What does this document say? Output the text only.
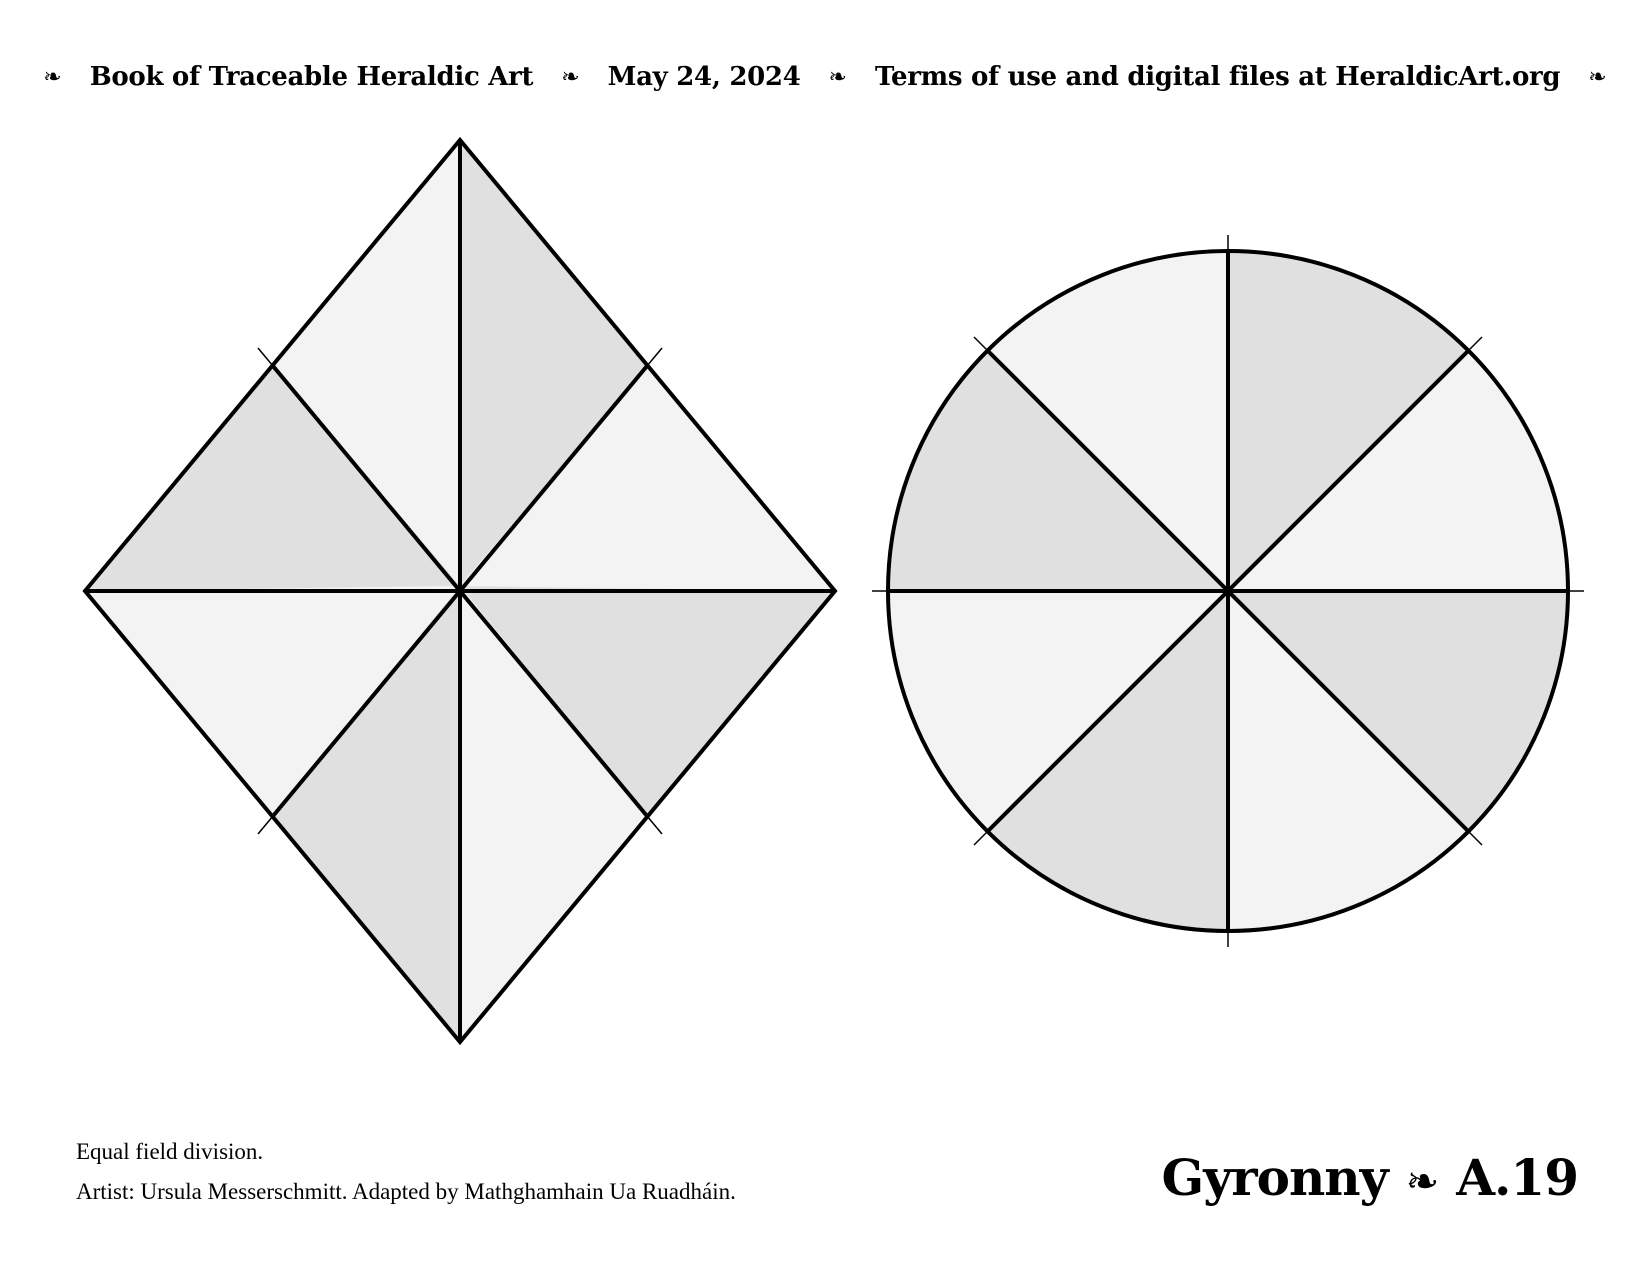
❧ Book of Traceable Heraldic Art ❧ May 24, 2024 ❧ Terms of use and digital files at HeraldicArt.org ❧
Equal field division.
Artist: Ursula Messerschmitt. Adapted by Mathghamhain Ua Ruadháin.	Gyronny ❧ A.19
